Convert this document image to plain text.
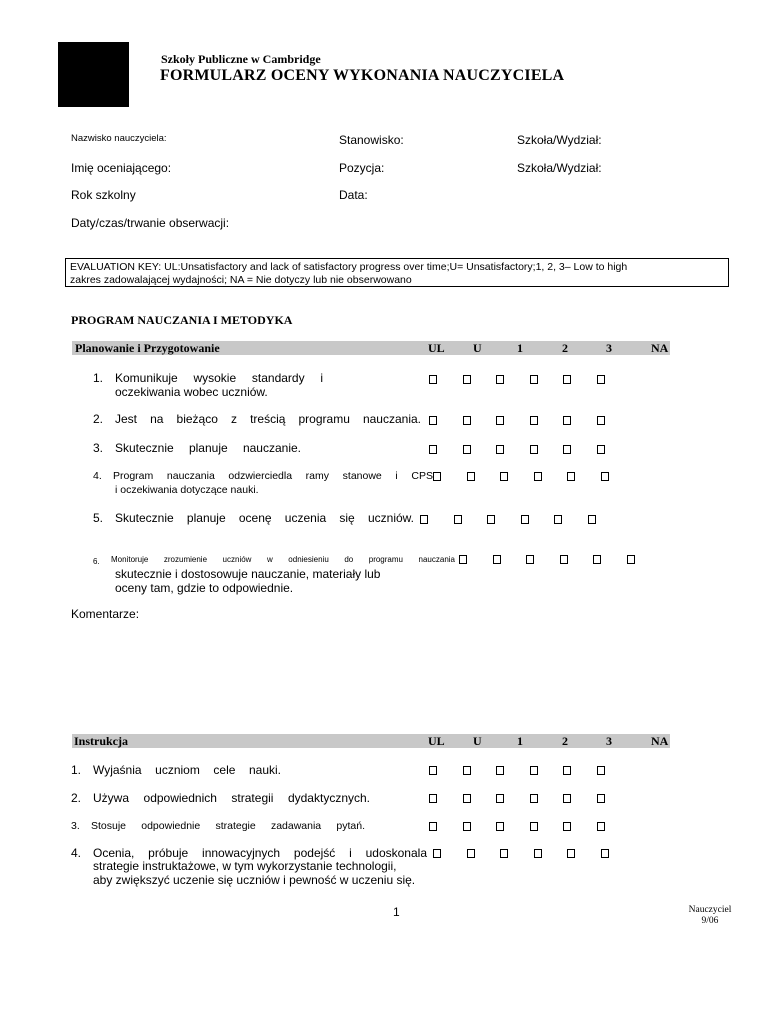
Szkoły Publiczne w Cambridge
FORMULARZ OCENY WYKONANIA NAUCZYCIELA
Nazwisko nauczyciela:	Stanowisko:	Szkoła/Wydział:
Imię oceniającego:	Pozycja:	Szkoła/Wydział:
Rok szkolny	Data:
Daty/czas/trwanie obserwacji:
EVALUATION KEY: UL:Unsatisfactory and lack of satisfactory progress over time;U= Unsatisfactory;1, 2, 3– Low to high
zakres zadowalającej wydajności; NA = Nie dotyczy lub nie obserwowano
PROGRAM NAUCZANIA I METODYKA
Planowanie i Przygotowanie	UL U	1	2	3	NA
1. Komunikuje wysokie standardy i
oczekiwania wobec uczniów.
2. Jest na bieżąco z treścią programu nauczania.
3. Skutecznie planuje nauczanie.
4. Program nauczania odzwierciedla ramy stanowe i CPS
i oczekiwania dotyczące nauki.
5. Skutecznie planuje ocenę uczenia się uczniów.
6. Monitoruje zrozumienie uczniów w odniesieniu do programu nauczania
skutecznie i dostosowuje nauczanie, materiały lub
oceny tam, gdzie to odpowiednie.
Komentarze:
Instrukcja	UL U	1	2	3	NA
1. Wyjaśnia uczniom cele nauki.
2. Używa odpowiednich strategii dydaktycznych.
3. Stosuje odpowiednie strategie zadawania pytań.
4. Ocenia, próbuje innowacyjnych podejść i udoskonala
strategie instruktażowe, w tym wykorzystanie technologii,
aby zwiększyć uczenie się uczniów i pewność w uczeniu się.
1	Nauczyciel
9/06
